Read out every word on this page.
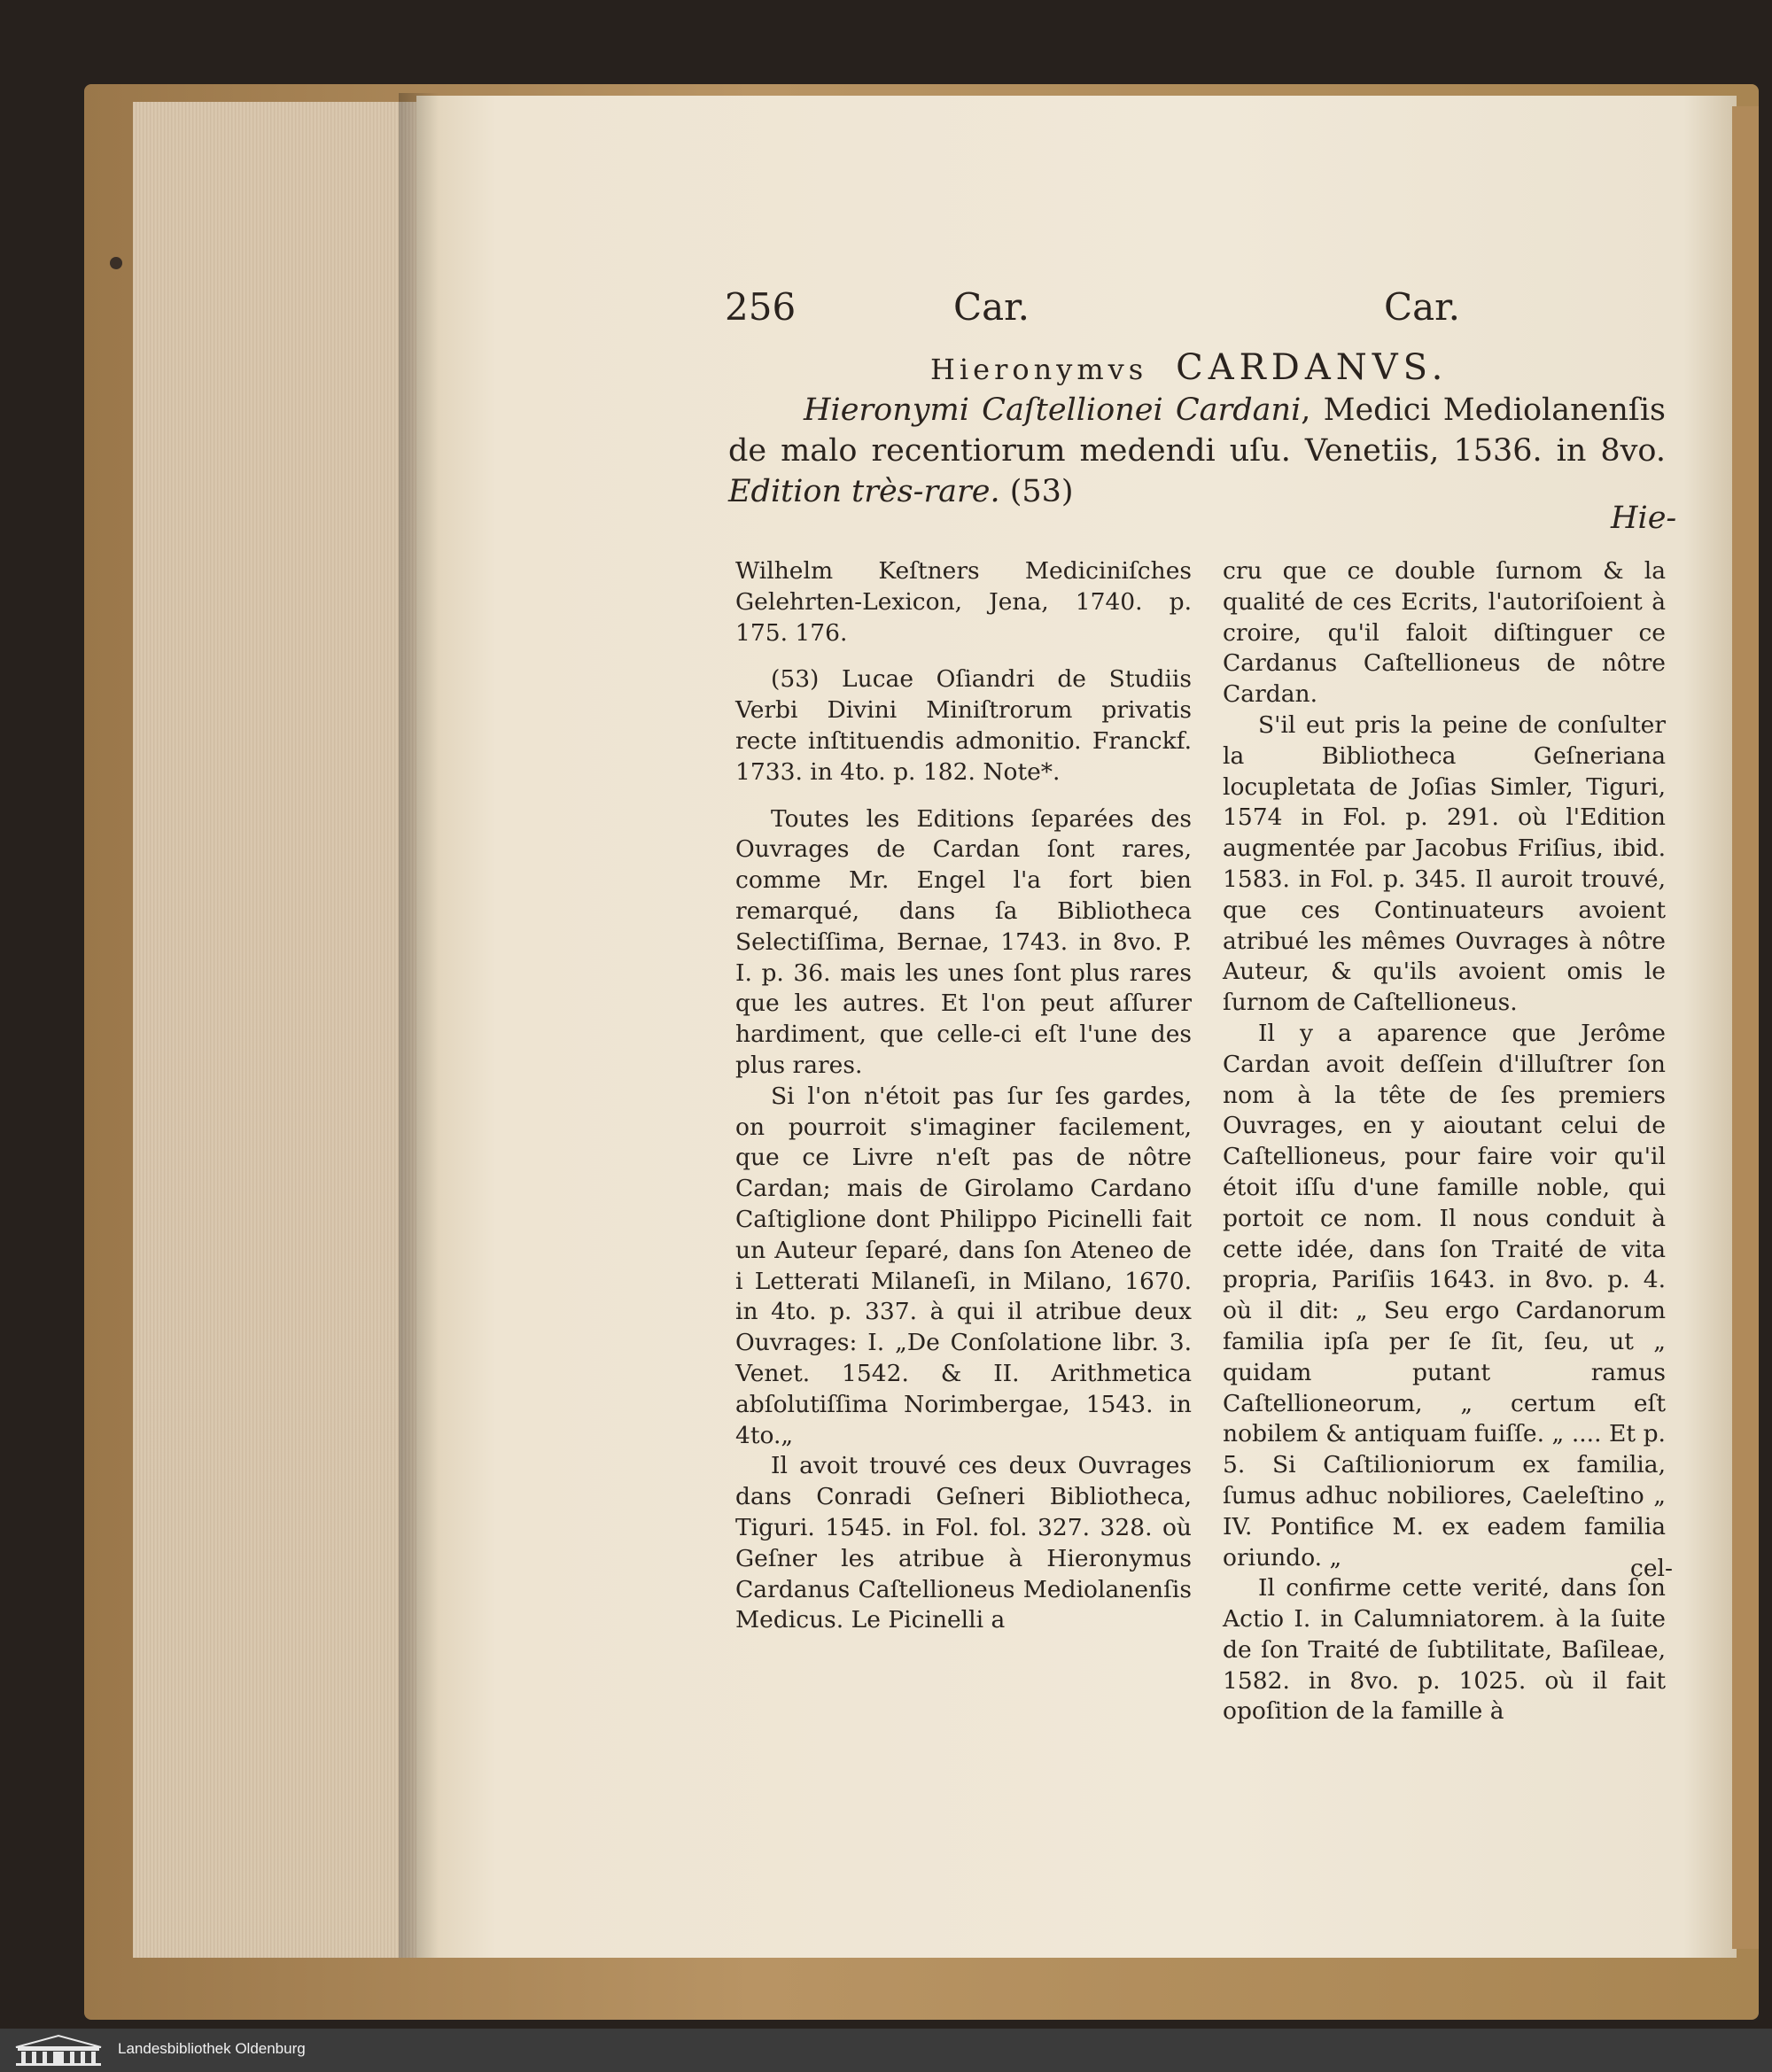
256	Car.	Car.
Hieronymvs CARDANVS.

Hieronymi Caſtellionei Cardani, Medici Mediolanenſis de malo recentiorum medendi uſu. Venetiis, 1536. in 8vo. Edition très-rare. (53)

Hie-

Wilhelm Keſtners Mediciniſches Gelehrten-Lexicon, Jena, 1740. p. 175. 176.

(53) Lucae Oſiandri de Studiis Verbi Divini Miniſtrorum privatis recte inſtituendis admonitio. Franckf. 1733. in 4to. p. 182. Note*.

Toutes les Editions ſeparées des Ouvrages de Cardan ſont rares, comme Mr. Engel l'a fort bien remarqué, dans ſa Bibliotheca Selectiſſima, Bernae, 1743. in 8vo. P. I. p. 36. mais les unes ſont plus rares que les autres. Et l'on peut aſſurer hardiment, que celle-ci eſt l'une des plus rares.

Si l'on n'étoit pas ſur ſes gardes, on pourroit s'imaginer facilement, que ce Livre n'eſt pas de nôtre Cardan; mais de Girolamo Cardano Caſtiglione dont Philippo Picinelli fait un Auteur ſeparé, dans ſon Ateneo de i Letterati Milaneſi, in Milano, 1670. in 4to. p. 337. à qui il atribue deux Ouvrages: I. „De Conſolatione libr. 3. Venet. 1542. & II. Arithmetica abſolutiſſima Norimbergae, 1543. in 4to.„

Il avoit trouvé ces deux Ouvrages dans Conradi Geſneri Bibliotheca, Tiguri. 1545. in Fol. fol. 327. 328. où Geſner les atribue à Hieronymus Cardanus Caſtellioneus Mediolanenſis Medicus. Le Picinelli a

cru que ce double ſurnom & la qualité de ces Ecrits, l'autoriſoient à croire, qu'il faloit diſtinguer ce Cardanus Caſtellioneus de nôtre Cardan.

S'il eut pris la peine de conſulter la Bibliotheca Geſneriana locupletata de Joſias Simler, Tiguri, 1574 in Fol. p. 291. où l'Edition augmentée par Jacobus Friſius, ibid. 1583. in Fol. p. 345. Il auroit trouvé, que ces Continuateurs avoient atribué les mêmes Ouvrages à nôtre Auteur, & qu'ils avoient omis le ſurnom de Caſtellioneus.

Il y a aparence que Jerôme Cardan avoit deſſein d'illuſtrer ſon nom à la tête de ſes premiers Ouvrages, en y aioutant celui de Caſtellioneus, pour faire voir qu'il étoit iſſu d'une famille noble, qui portoit ce nom. Il nous conduit à cette idée, dans ſon Traité de vita propria, Pariſiis 1643. in 8vo. p. 4. où il dit: „ Seu ergo Cardanorum familia ipſa per ſe ſit, ſeu, ut „ quidam putant ramus Caſtellioneorum, „ certum eſt nobilem & antiquam fuiſſe. „ .... Et p. 5. Si Caſtilioniorum ex familia, ſumus adhuc nobiliores, Caeleſtino „ IV. Pontifice M. ex eadem familia oriundo. „

Il confirme cette verité, dans ſon Actio I. in Calumniatorem. à la ſuite de ſon Traité de ſubtilitate, Baſileae, 1582. in 8vo. p. 1025. où il fait opoſition de la famille à

cel-
Landesbibliothek Oldenburg
